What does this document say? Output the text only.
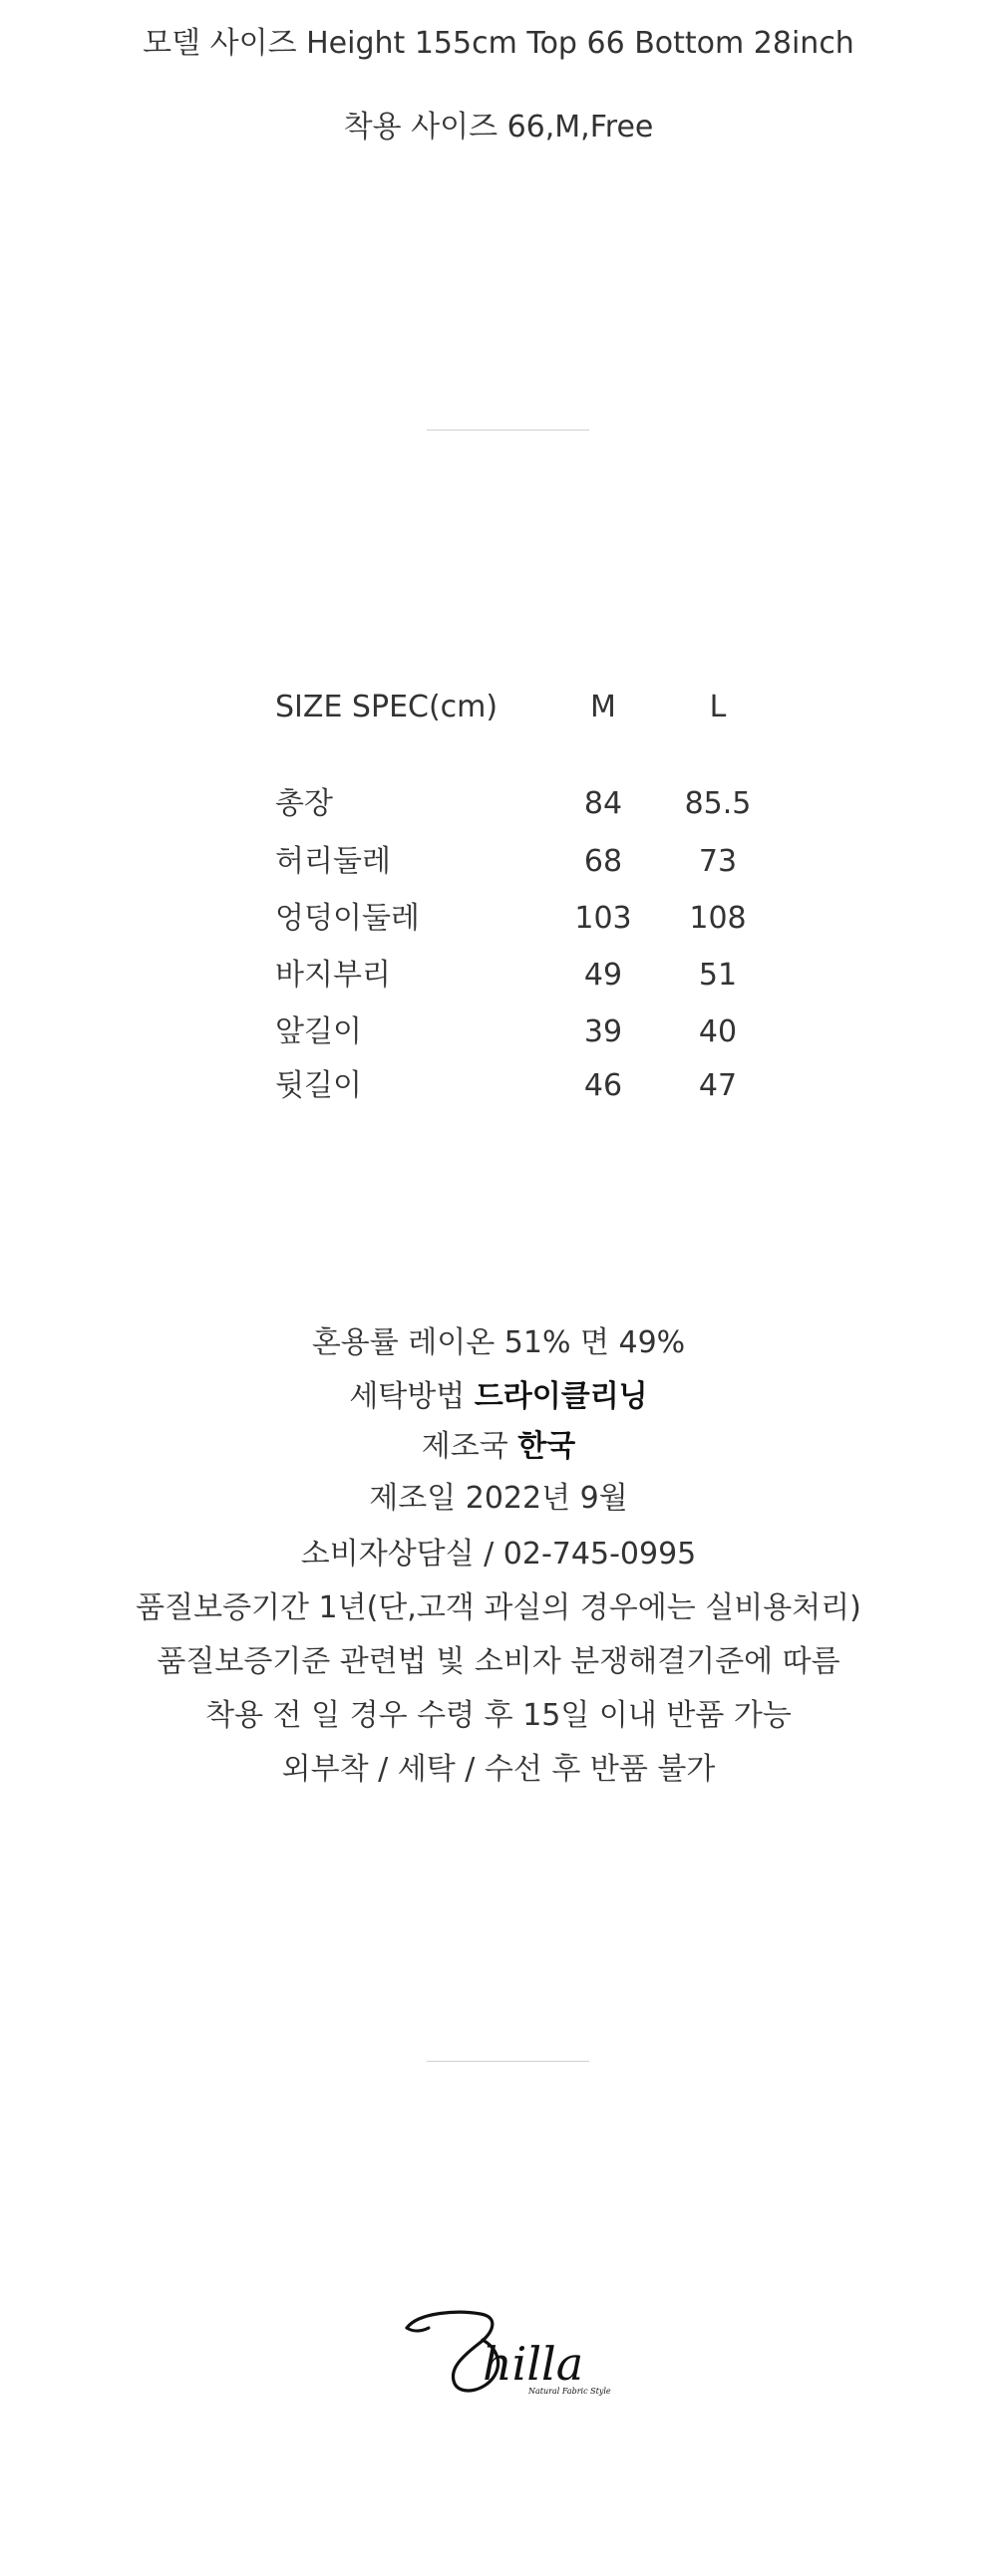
모델 사이즈 Height 155cm Top 66 Bottom 28inch
착용 사이즈 66,M,Free
SIZE SPEC(cm)	M	L
총장	84	85.5
허리둘레	68	73
엉덩이둘레	103	108
바지부리	49	51
앞길이	39	40
뒷길이	46	47
혼용률 레이온 51% 면 49%
세탁방법 드라이클리닝
제조국 한국
제조일 2022년 9월
소비자상담실 / 02-745-0995
품질보증기간 1년(단,고객 과실의 경우에는 실비용처리)
품질보증기준 관련법 빛 소비자 분쟁해결기준에 따름
착용 전 일 경우 수령 후 15일 이내 반품 가능
외부착 / 세탁 / 수선 후 반품 불가
hilla
Natural Fabric Style
